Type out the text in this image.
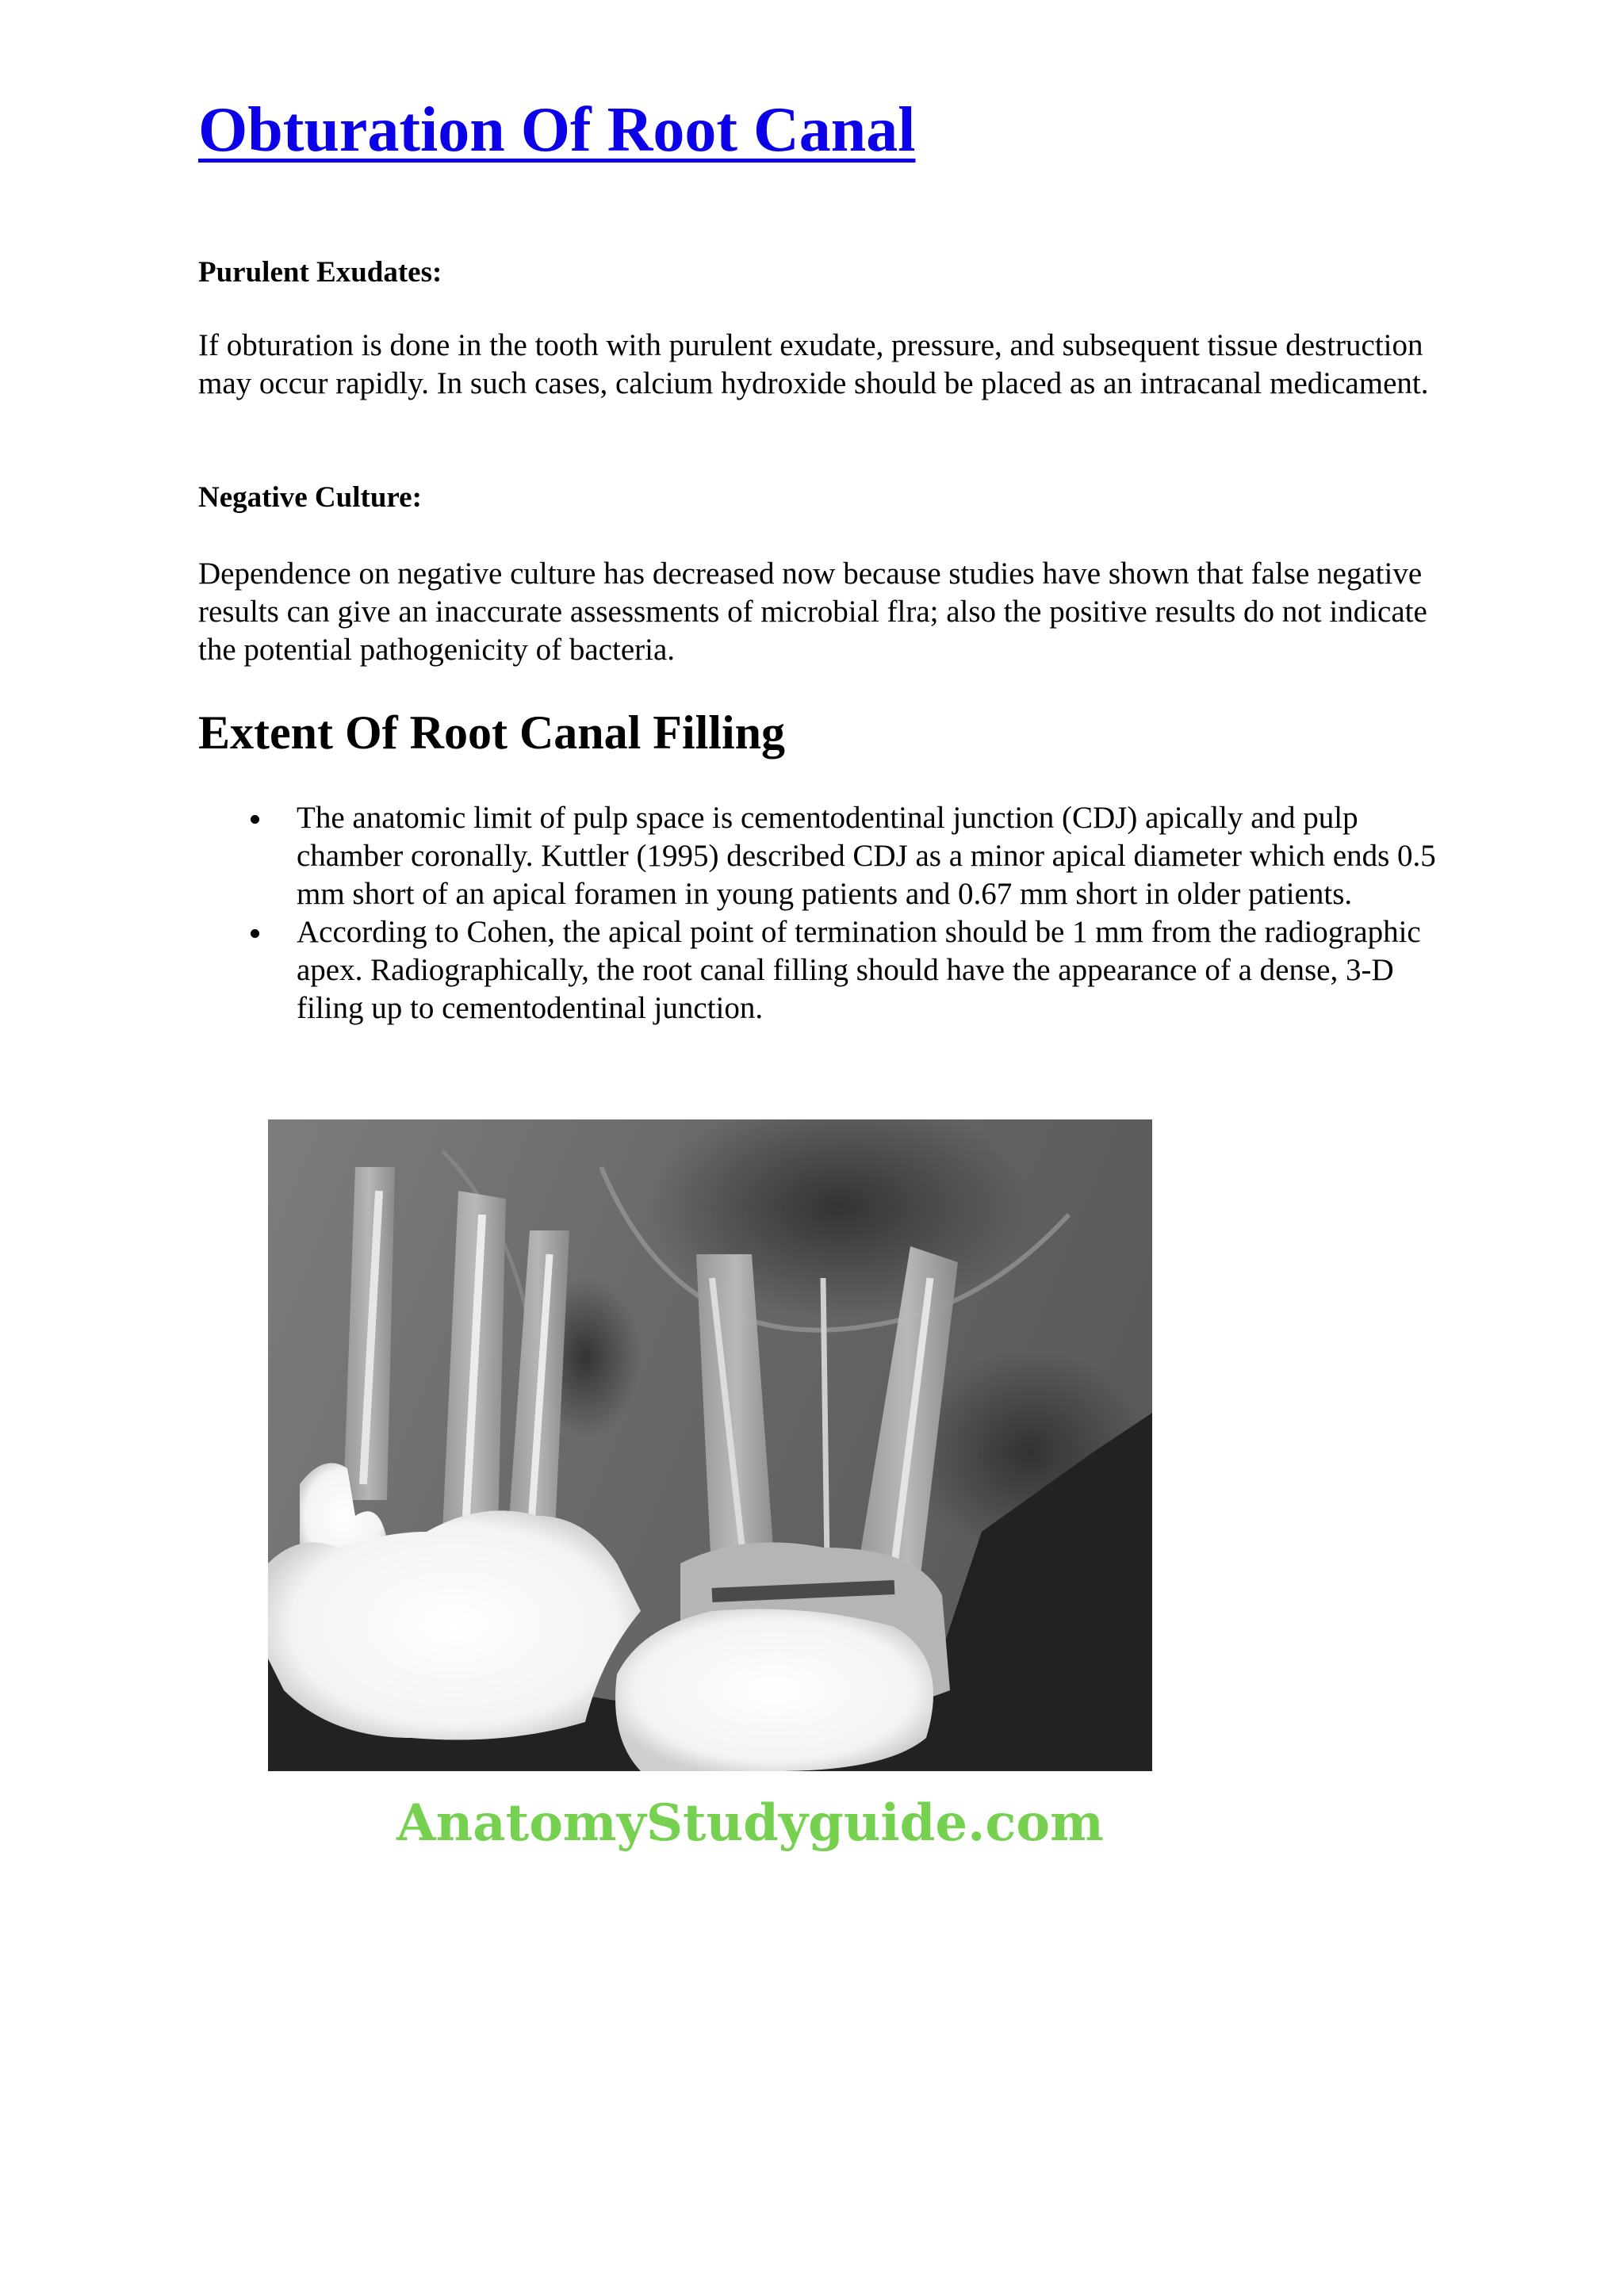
Obturation Of Root Canal
Purulent Exudates:

If obturation is done in the tooth with purulent exudate, pressure, and subsequent tissue destruction may occur rapidly. In such cases, calcium hydroxide should be placed as an intracanal medicament.

Negative Culture:

Dependence on negative culture has decreased now because studies have shown that false negative results can give an inaccurate assessments of microbial flra; also the positive results do not indicate the potential pathogenicity of bacteria.

Extent Of Root Canal Filling
The anatomic limit of pulp space is cementodentinal junction (CDJ) apically and pulp chamber coronally. Kuttler (1995) described CDJ as a minor apical diameter which ends 0.5 mm short of an apical foramen in young patients and 0.67 mm short in older patients.
According to Cohen, the apical point of termination should be 1 mm from the radiographic apex. Radiographically, the root canal filling should have the appearance of a dense, 3-D filing up to cementodentinal junction.

AnatomyStudyguide.com
